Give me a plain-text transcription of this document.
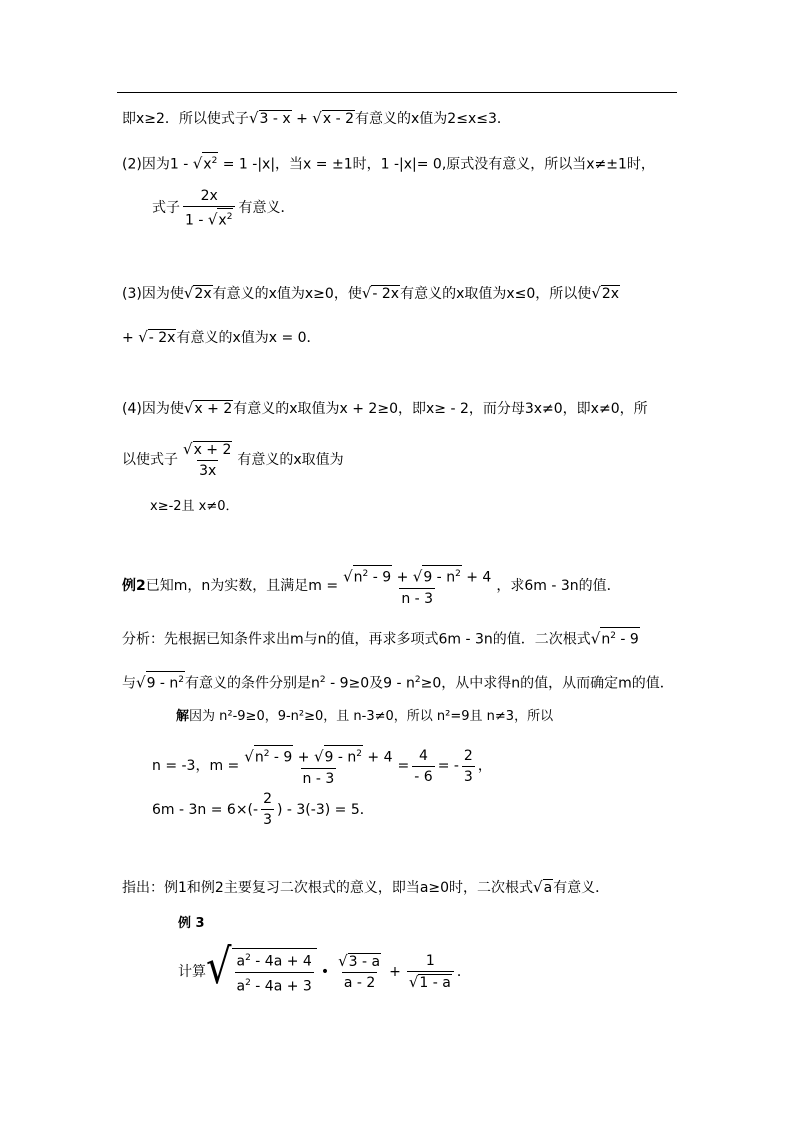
即x≥2．所以使式子√3 - x + √x - 2有意义的x值为2≤x≤3．
(2)因为$1 - √x^2 = 1$ -|x|，当x = ±1时，1 -|x|= 0,原式没有意义，所以当x≠±1时，
式子 $\frac{2x}{1 - √x^2}$ 有意义．
(3)因为使√2x有意义的x值为x≥0，使√- 2x有意义的x取值为x≤0，所以使√2x
+ √- 2x有意义的x值为x = 0．
(4)因为使√x + 2有意义的x取值为x + 2≥0，即x≥ - 2，而分母3x≠0，即x≠0，所
以使式子 $\frac{√x + 2}{3x}$ 有意义的x取值为
x≥-2且 x≠0．
例2 已知m，n为实数，且满足$m = \frac{√n^2 - 9 + √9 - n^2 + 4}{n - 3}$ ，求6m - 3n的值．
分析：先根据已知条件求出m与n的值，再求多项式6m - 3n的值．二次根式$√n^2 - 9$
与$√9 - n^2$有意义的条件分别是$n^2 - 9\ge 0$及$9 - n^2\ge 0$，从中求得n的值，从而确定m的值．
解因为 n²-9≥0，9-n²≥0，且 n-3≠0，所以 n²=9且 n≠3，所以
n = -3，$m = \frac{√n^2 - 9 + √9 - n^2 + 4}{n - 3} = \frac{4}{- 6}$ = - $\frac{2}{3}$ ，
$6m - 3n = 6\times(- \frac{2}{3}$ ) - 3(-3) = 5．
指出：例1和例2主要复习二次根式的意义，即当a≥0时，二次根式√a有意义．
例 3
计算 √ $\frac{a^2 - 4a + 4}{a^2 - 4a + 3}$ • $\frac{√3 - a}{a - 2} + \frac{1}{√1 - a}$ ．
